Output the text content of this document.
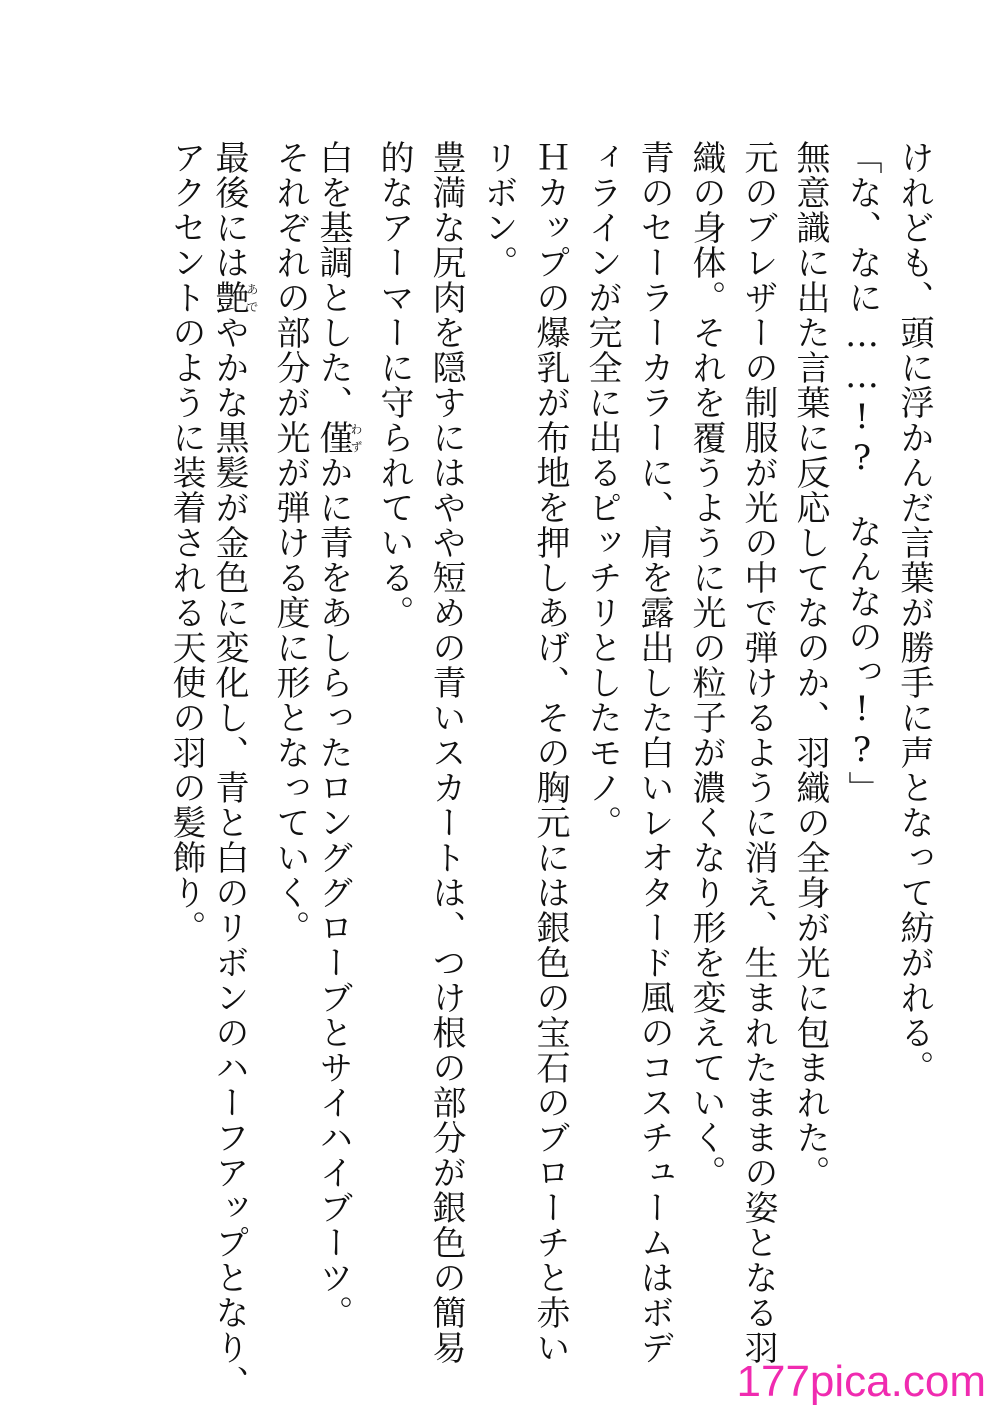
けれども、頭に浮かんだ言葉が勝手に声となって紡がれる。
「な、なに……!?　なんなのっ!?」
無意識に出た言葉に反応してなのか、羽織の全身が光に包まれた。
元のブレザーの制服が光の中で弾けるように消え、生まれたままの姿となる羽
織の身体。それを覆うように光の粒子が濃くなり形を変えていく。
青のセーラーカラーに、肩を露出した白いレオタード風のコスチュームはボデ
ィラインが完全に出るピッチリとしたモノ。
Ｈカップの爆乳が布地を押しあげ、その胸元には銀色の宝石のブローチと赤い
リボン。
豊満な尻肉を隠すにはやや短めの青いスカートは、つけ根の部分が銀色の簡易
的なアーマーに守られている。
白を基調とした、僅わずかに青をあしらったロンググローブとサイハイブーツ。
それぞれの部分が光が弾ける度に形となっていく。
最後には艶あでやかな黒髪が金色に変化し、青と白のリボンのハーフアップとなり、
アクセントのように装着される天使の羽の髪飾り。
177pica.com
